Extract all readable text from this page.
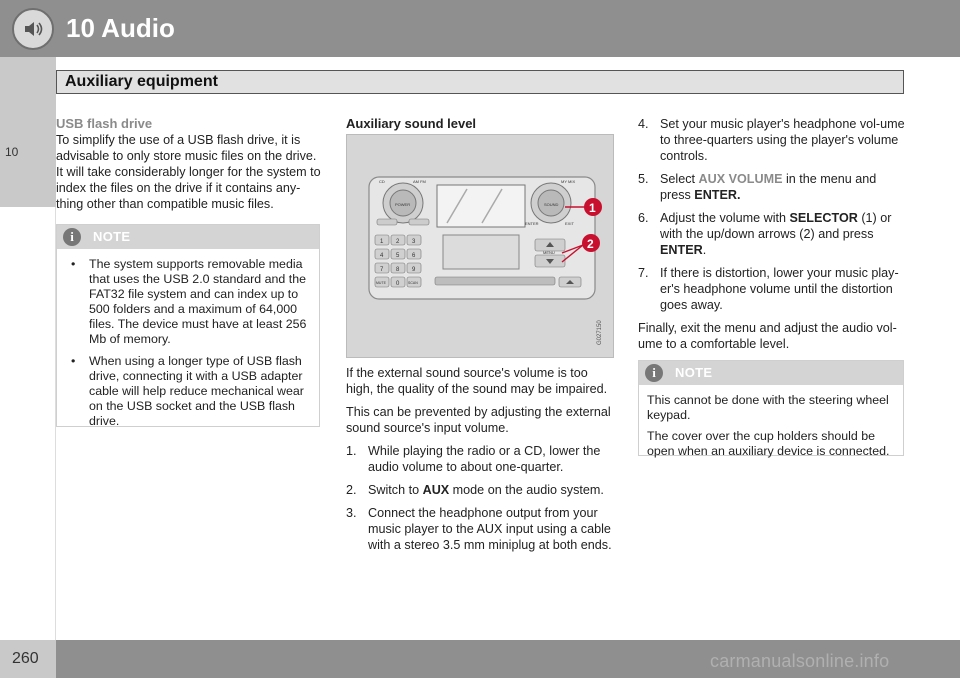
10 Audio
10
Auxiliary equipment
USB flash drive

To simplify the use of a USB flash drive, it is advisable to only store music files on the drive. It will take considerably longer for the system to index the files on the drive if it contains any-thing other than compatible music files.

i	NOTE
• The system supports removable media that uses the USB 2.0 standard and the FAT32 file system and can index up to 500 folders and a maximum of 64,000 files. The device must have at least 256 Mb of memory.
• When using a longer type of USB flash drive, connecting it with a USB adapter cable will help reduce mechanical wear on the USB socket and the USB flash drive.
Auxiliary sound level
POWER
CD	AM FM
SOUND
MY MIX
ENTER	EXIT
1 2 3
4 5 6
7 8 9
0
MUTE	SCAN
MENU
1
2
G027150

If the external sound source's volume is too high, the quality of the sound may be impaired.

This can be prevented by adjusting the external sound source's input volume.

1. While playing the radio or a CD, lower the audio volume to about one-quarter.
2. Switch to AUX mode on the audio system.
3. Connect the headphone output from your music player to the AUX input using a cable with a stereo 3.5 mm miniplug at both ends.
4. Set your music player's headphone vol-ume to three-quarters using the player's volume controls.
5. Select AUX VOLUME in the menu and press ENTER.
6. Adjust the volume with SELECTOR (1) or with the up/down arrows (2) and press ENTER.
7. If there is distortion, lower your music play-er's headphone volume until the distortion goes away.

Finally, exit the menu and adjust the audio vol-ume to a comfortable level.

i	NOTE

This cannot be done with the steering wheel keypad.

The cover over the cup holders should be open when an auxiliary device is connected.

260	carmanualsonline.info
